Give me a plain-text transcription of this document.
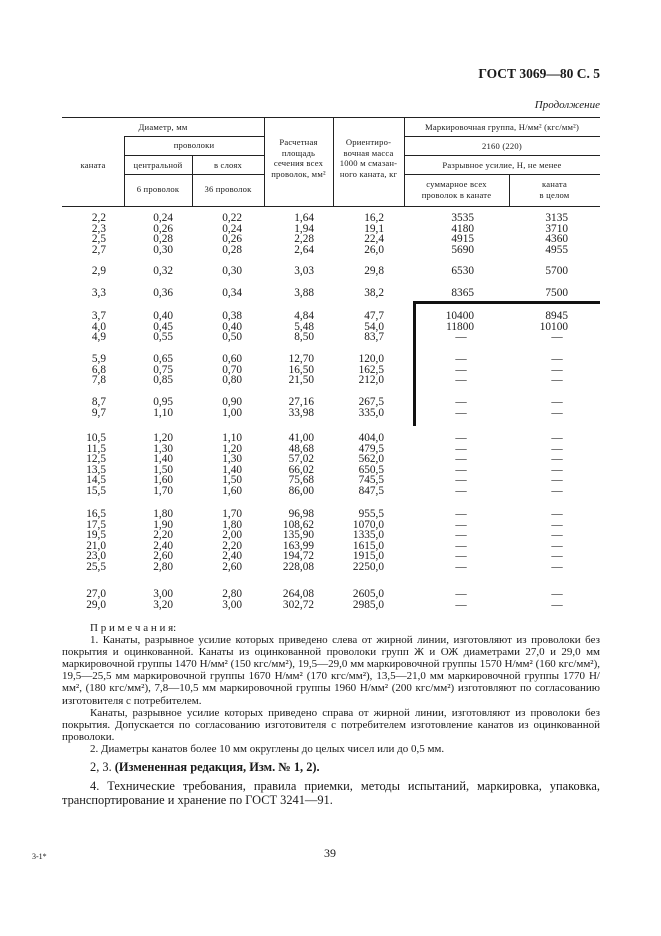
ГОСТ 3069—80 С. 5
Продолжение
Диаметр, мм
проволоки
каната	центральной	в слоях
6 проволок	36 проволок
Расчетная
площадь
сечения всех
проволок, мм²
Ориентиро-
вочная масса
1000 м смазан-
ного каната, кг
Маркировочная группа, Н/мм² (кгс/мм²)
2160 (220)
Разрывное усилие, Н, не менее
суммарное всех
проволок в канате
каната
в целом
2,2	0,24	0,22	1,64	16,2	3535	3135
2,3	0,26	0,24	1,94	19,1	4180	3710
2,5	0,28	0,26	2,28	22,4	4915	4360
2,7	0,30	0,28	2,64	26,0	5690	4955
2,9	0,32	0,30	3,03	29,8	6530	5700
3,3	0,36	0,34	3,88	38,2	8365	7500
3,7	0,40	0,38	4,84	47,7	10400	8945
4,0	0,45	0,40	5,48	54,0	11800	10100
4,9	0,55	0,50	8,50	83,7	—	—
5,9	0,65	0,60	12,70	120,0	—	—
6,8	0,75	0,70	16,50	162,5	—	—
7,8	0,85	0,80	21,50	212,0	—	—
8,7	0,95	0,90	27,16	267,5	—	—
9,7	1,10	1,00	33,98	335,0	—	—
10,5	1,20	1,10	41,00	404,0	—	—
11,5	1,30	1,20	48,68	479,5	—	—
12,5	1,40	1,30	57,02	562,0	—	—
13,5	1,50	1,40	66,02	650,5	—	—
14,5	1,60	1,50	75,68	745,5	—	—
15,5	1,70	1,60	86,00	847,5	—	—
16,5	1,80	1,70	96,98	955,5	—	—
17,5	1,90	1,80	108,62	1070,0	—	—
19,5	2,20	2,00	135,90	1335,0	—	—
21,0	2,40	2,20	163,99	1615,0	—	—
23,0	2,60	2,40	194,72	1915,0	—	—
25,5	2,80	2,60	228,08	2250,0	—	—
27,0	3,00	2,80	264,08	2605,0	—	—
29,0	3,20	3,00	302,72	2985,0	—	—

П р и м е ч а н и я:

1. Канаты, разрывное усилие которых приведено слева от жирной линии, изготовляют из проволоки без покрытия и оцинкованной. Канаты из оцинкованной проволоки групп Ж и ОЖ диаметрами 27,0 и 29,0 мм маркировочной группы 1470 Н/мм² (150 кгс/мм²), 19,5—29,0 мм маркировочной группы 1570 Н/мм² (160 кгс/мм²), 19,5—25,5 мм маркировочной группы 1670 Н/мм² (170 кгс/мм²), 13,5—21,0 мм маркировочной группы 1770 Н/мм², (180 кгс/мм²), 7,8—10,5 мм маркировочной группы 1960 Н/мм² (200 кгс/мм²) изготовляют по согласованию изготовителя с потребителем.

Канаты, разрывное усилие которых приведено справа от жирной линии, изготовляют из проволоки без покрытия. Допускается по согласованию изготовителя с потребителем изготовление канатов из оцинкованной проволоки.

2. Диаметры канатов более 10 мм округлены до целых чисел или до 0,5 мм.

2, 3. (Измененная редакция, Изм. № 1, 2).
4. Технические требования, правила приемки, методы испытаний, маркировка, упаковка, транспортирование и хранение по ГОСТ 3241—91.
3-1*	39
